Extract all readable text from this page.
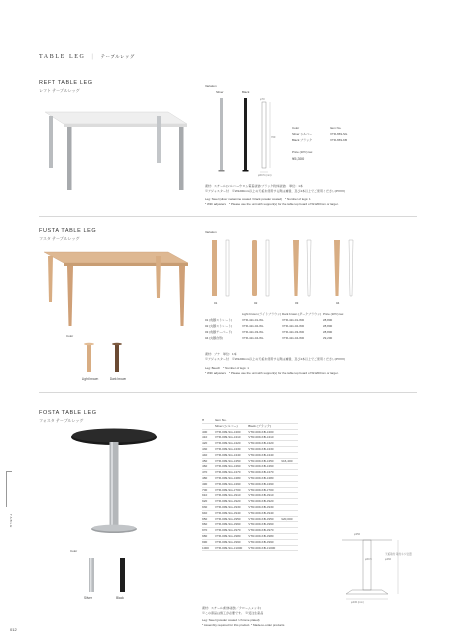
TABLE LEG | テーブルレッグ
REFT TABLE LEG
レフト テーブルレッグ
Variation
Silver	Black
φ70
700
φ60.5 (mm)
Color	Item No.
Silver シルバー	VTR-659-SG
Black ブラック	VTR-659-KB
Price (1PC) tax
¥5,300
素材：スチール(シルバー/クロム電着塗装/ブラック粉体塗装)　単位：1本
※アジャスター付　※W1200mm以上の天板を使用する際は補強、及び4本以上でご使用ください(PXXX)
Leg: Steel (silver melamine coated / black powder coated)　* Number of legs: 1
* With adjusters　* Please use the unit with support(s) for the table top board of W1200mm or larger.
FUSTA TABLE LEG
フスタ テーブルレッグ
Variation
01	02	03	04
Light brown (ライトブラウン) Dark brown (ダークブラウン) Price (1PC) tax
01 (角脚ストレート)	VTR-411-01-WL	VTR-411-01-WD	¥8,800
02 (丸脚ストレート)	VTR-411-02-WL	VTR-411-02-WD	¥8,800
03 (角脚テーパード)	VTR-411-03-WL	VTR-411-03-WD	¥8,800
04 (丸脚台形)	VTR-411-04-WL	VTR-411-04-WD	¥9,200
素材：ブナ　単位：1本
※アジャスター付　※W1200mm以上の天板を使用する際は補強、及び4本以上でご使用ください(PXXX)
Leg: Beech　* Number of legs: 1
* With adjusters　* Please use the unit with support(s) for the table top board of W1200mm or larger.
Color
Light brown	Dark brown
FOSTA TABLE LEG
フォスタ テーブルレッグ
Color
Silver	Black
H	Item No.		
	Silver (シルバー)	Black (ブラック)	
400	VTR-009-SG-J400	VTR-009-KB-J400	
410	VTR-009-SG-J410	VTR-009-KB-J410	
420	VTR-009-SG-J420	VTR-009-KB-J420	
430	VTR-009-SG-J430	VTR-009-KB-J430	
440	VTR-009-SG-J440	VTR-009-KB-J440	
450	VTR-009-SG-J450	VTR-009-KB-J450	¥16,400
460	VTR-009-SG-J460	VTR-009-KB-J460	
470	VTR-009-SG-J470	VTR-009-KB-J470	
480	VTR-009-SG-J480	VTR-009-KB-J480	
490	VTR-009-SG-J490	VTR-009-KB-J490	
700	VTR-009-SG-J700	VTR-009-KB-J700	
910	VTR-009-SG-J910	VTR-009-KB-J910	
920	VTR-009-SG-J920	VTR-009-KB-J920	
930	VTR-009-SG-J930	VTR-009-KB-J930	
940	VTR-009-SG-J940	VTR-009-KB-J940	
950	VTR-009-SG-J950	VTR-009-KB-J950	¥20,000
960	VTR-009-SG-J960	VTR-009-KB-J960	
970	VTR-009-SG-J970	VTR-009-KB-J970	
980	VTR-009-SG-J980	VTR-009-KB-J980	
990	VTR-009-SG-J990	VTR-009-KB-J990	
1000	VTR-009-SG-J1000	VTR-009-KB-J1000	
φ350
φ60.5
天板取付 取付ネジ位置
φ460
φ430 (mm)
素材：スチール(粉体塗装／クロームメッキ)
※この商品は施工が必要です。　※受注生産品
Leg: Steel (powder coated / chrome plated)
* Assembly required for this product. * Made-to-order products
TABLE
012
